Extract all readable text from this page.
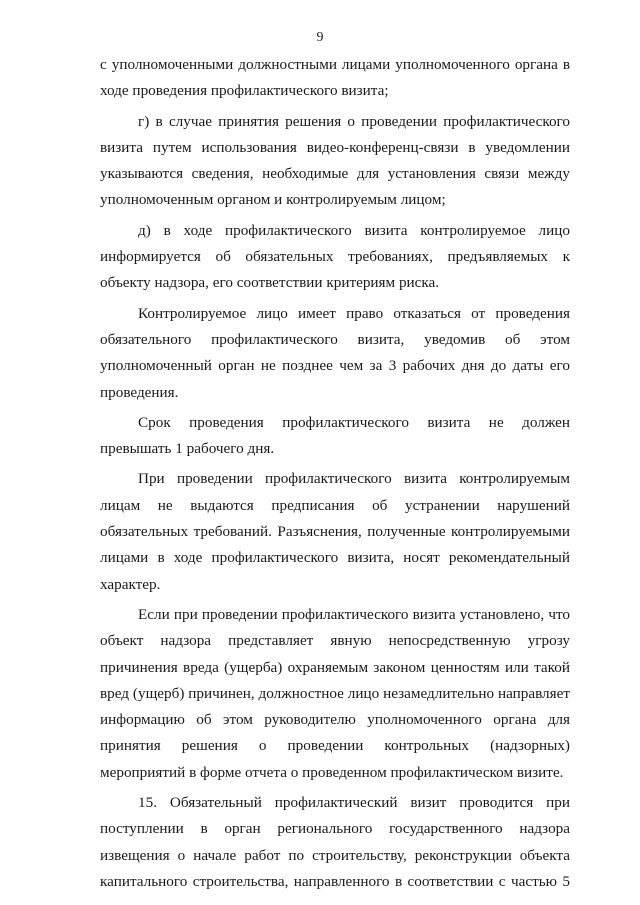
9

с уполномоченными должностными лицами уполномоченного органа в ходе проведения профилактического визита;

г) в случае принятия решения о проведении профилактического визита путем использования видео-конференц-связи в уведомлении указываются сведения, необходимые для установления связи между уполномоченным органом и контролируемым лицом;

д) в ходе профилактического визита контролируемое лицо информируется об обязательных требованиях, предъявляемых к объекту надзора, его соответствии критериям риска.

Контролируемое лицо имеет право отказаться от проведения обязательного профилактического визита, уведомив об этом уполномоченный орган не позднее чем за 3 рабочих дня до даты его проведения.

Срок проведения профилактического визита не должен превышать 1 рабочего дня.

При проведении профилактического визита контролируемым лицам не выдаются предписания об устранении нарушений обязательных требований. Разъяснения, полученные контролируемыми лицами в ходе профилактического визита, носят рекомендательный характер.

Если при проведении профилактического визита установлено, что объект надзора представляет явную непосредственную угрозу причинения вреда (ущерба) охраняемым законом ценностям или такой вред (ущерб) причинен, должностное лицо незамедлительно направляет информацию об этом руководителю уполномоченного органа для принятия решения о проведении контрольных (надзорных) мероприятий в форме отчета о проведенном профилактическом визите.

15. Обязательный профилактический визит проводится при поступлении в орган регионального государственного надзора извещения о начале работ по строительству, реконструкции объекта капитального строительства, направленного в соответствии с частью 5
